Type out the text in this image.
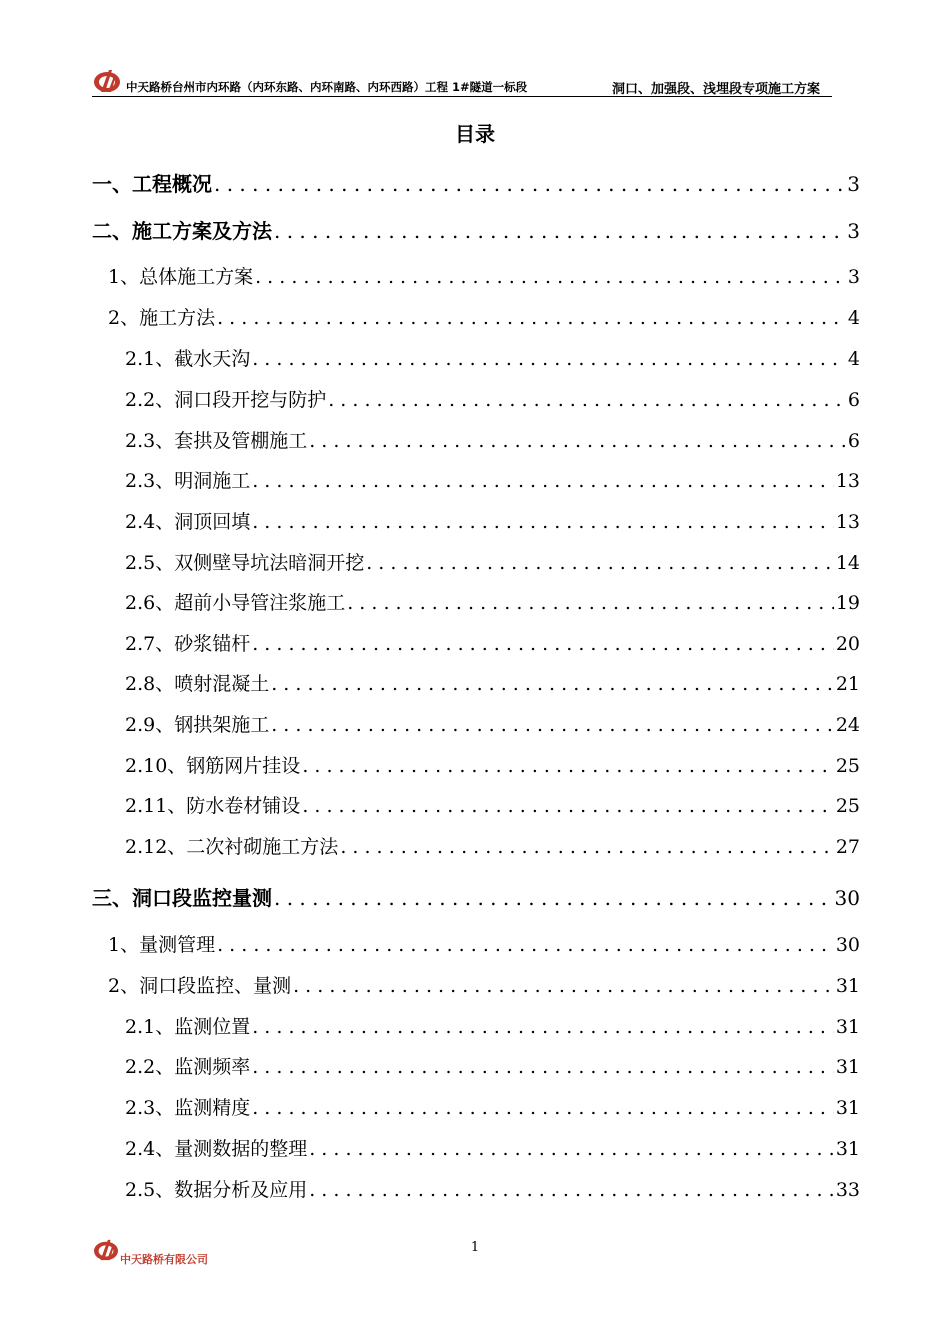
中天路桥台州市内环路（内环东路、内环南路、内环西路）工程 1#隧道一标段	洞口、加强段、浅埋段专项施工方案
目录
一、工程概况 . . .	3
二、施工方案及方法 . . .	3
1、总体施工方案 . . .	3
2、施工方法 . . .	4
2.1、截水天沟 . . .	4
2.2、洞口段开挖与防护 . . .	6
2.3、套拱及管棚施工 . . .	6
2.3、明洞施工 . . .	13
2.4、洞顶回填 . . .	13
2.5、双侧壁导坑法暗洞开挖 . . .	14
2.6、超前小导管注浆施工 . . .	19
2.7、砂浆锚杆 . . .	20
2.8、喷射混凝土 . . .	21
2.9、钢拱架施工 . . .	24
2.10、钢筋网片挂设 . . .	25
2.11、防水卷材铺设 . . .	25
2.12、二次衬砌施工方法 . . .	27
三、洞口段监控量测 . . .	30
1、量测管理 . . .	30
2、洞口段监控、量测 . . .	31
2.1、监测位置 . . .	31
2.2、监测频率 . . .	31
2.3、监测精度 . . .	31
2.4、量测数据的整理 . . .	31
2.5、数据分析及应用 . . .	33
中天路桥有限公司
1
